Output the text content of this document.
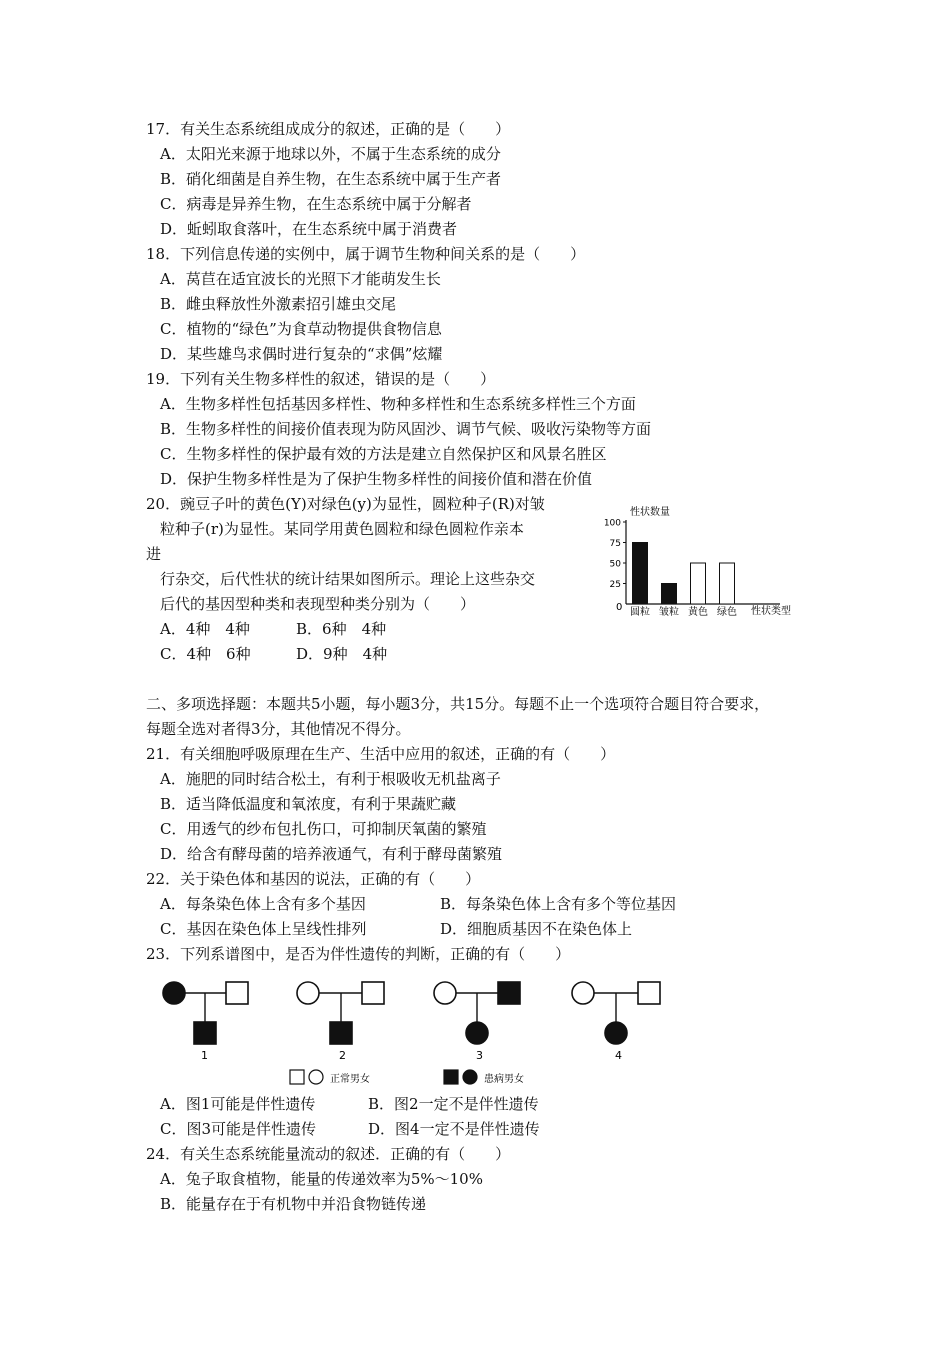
17．有关生态系统组成成分的叙述，正确的是（　　）
A．太阳光来源于地球以外，不属于生态系统的成分
B．硝化细菌是自养生物，在生态系统中属于生产者
C．病毒是异养生物，在生态系统中属于分解者
D．蚯蚓取食落叶，在生态系统中属于消费者
18．下列信息传递的实例中，属于调节生物种间关系的是（　　）
A．莴苣在适宜波长的光照下才能萌发生长
B．雌虫释放性外激素招引雄虫交尾
C．植物的“绿色”为食草动物提供食物信息
D．某些雄鸟求偶时进行复杂的“求偶”炫耀
19．下列有关生物多样性的叙述，错误的是（　　）
A．生物多样性包括基因多样性、物种多样性和生态系统多样性三个方面
B．生物多样性的间接价值表现为防风固沙、调节气候、吸收污染物等方面
C．生物多样性的保护最有效的方法是建立自然保护区和风景名胜区
D．保护生物多样性是为了保护生物多样性的间接价值和潜在价值
20．豌豆子叶的黄色(Y)对绿色(y)为显性，圆粒种子(R)对皱
粒种子(r)为显性。某同学用黄色圆粒和绿色圆粒作亲本
进
行杂交，后代性状的统计结果如图所示。理论上这些杂交
后代的基因型种类和表现型种类分别为（　　）
A．4种　4种	B．6种　4种
C．4种　6种	D．9种　4种
性状数量
0	性状类型
100
75
50
25
圆粒 皱粒 黄色 绿色
二、多项选择题：本题共5小题，每小题3分，共15分。每题不止一个选项符合题目符合要求，
每题全选对者得3分，其他情况不得分。
21．有关细胞呼吸原理在生产、生活中应用的叙述，正确的有（　　）
A．施肥的同时结合松土，有利于根吸收无机盐离子
B．适当降低温度和氧浓度，有利于果蔬贮藏
C．用透气的纱布包扎伤口，可抑制厌氧菌的繁殖
D．给含有酵母菌的培养液通气，有利于酵母菌繁殖
22．关于染色体和基因的说法，正确的有（　　）
A．每条染色体上含有多个基因	B．每条染色体上含有多个等位基因
C．基因在染色体上呈线性排列	D．细胞质基因不在染色体上
23．下列系谱图中，是否为伴性遗传的判断，正确的有（　　）
1	2	3	4
正常男女	患病男女
A．图1可能是伴性遗传	B．图2一定不是伴性遗传
C．图3可能是伴性遗传	D．图4一定不是伴性遗传
24．有关生态系统能量流动的叙述．正确的有（　　）
A．兔子取食植物，能量的传递效率为5%～10%
B．能量存在于有机物中并沿食物链传递
